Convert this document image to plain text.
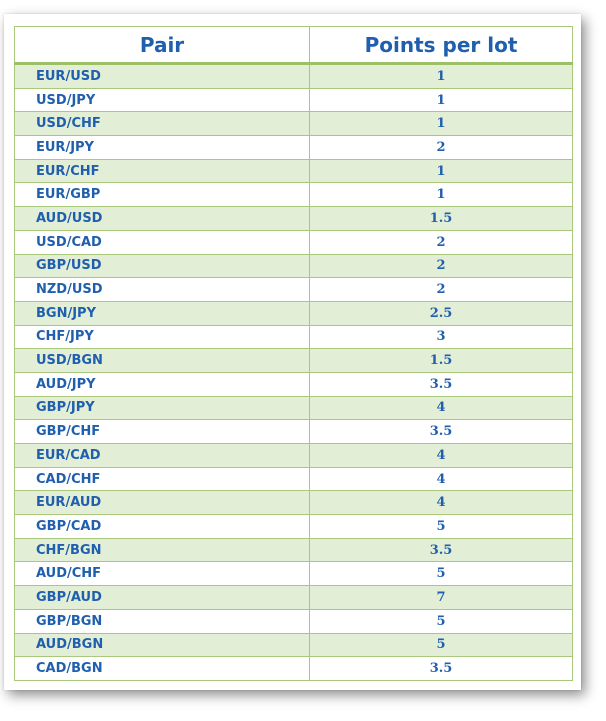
Pair	Points per lot
EUR/USD	1
USD/JPY	1
USD/CHF	1
EUR/JPY	2
EUR/CHF	1
EUR/GBP	1
AUD/USD	1.5
USD/CAD	2
GBP/USD	2
NZD/USD	2
BGN/JPY	2.5
CHF/JPY	3
USD/BGN	1.5
AUD/JPY	3.5
GBP/JPY	4
GBP/CHF	3.5
EUR/CAD	4
CAD/CHF	4
EUR/AUD	4
GBP/CAD	5
CHF/BGN	3.5
AUD/CHF	5
GBP/AUD	7
GBP/BGN	5
AUD/BGN	5
CAD/BGN	3.5
